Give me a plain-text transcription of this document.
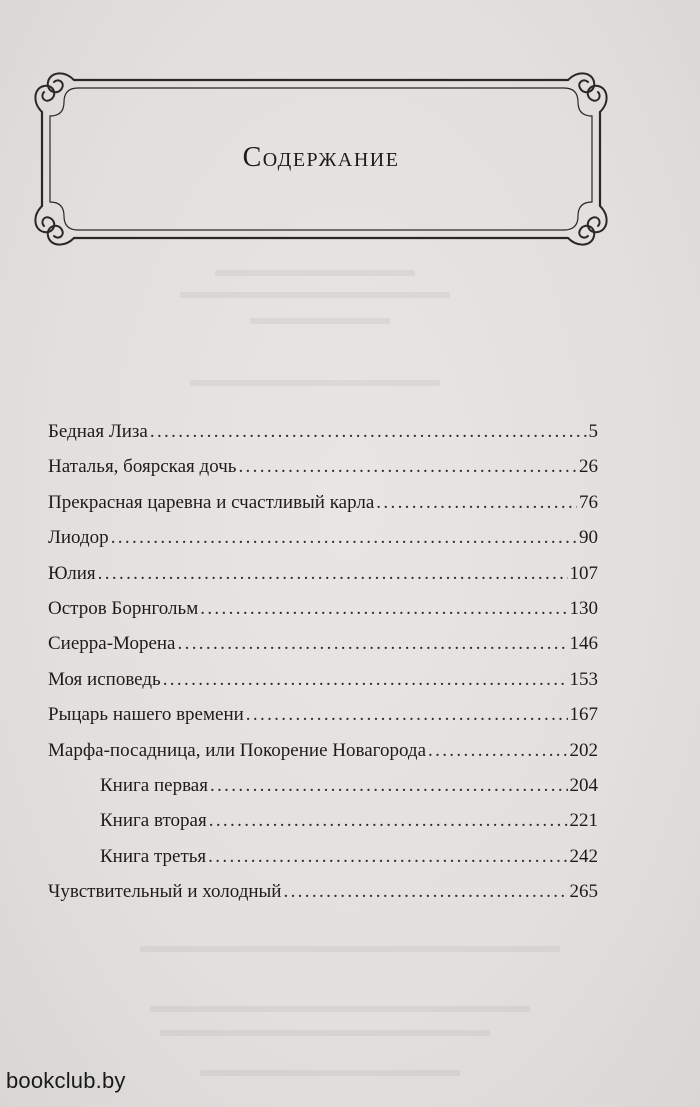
Содержание
Бедная Лиза . . .	5
Наталья, боярская дочь . . .	26
Прекрасная царевна и счастливый карла . . .	76
Лиодор . . .	90
Юлия . . .	107
Остров Борнгольм . . .	130
Сиерра-Морена . . .	146
Моя исповедь . . .	153
Рыцарь нашего времени . . .	167
Марфа-посадница, или Покорение Новагорода . . .	202
Книга первая . . .	204
Книга вторая . . .	221
Книга третья . . .	242
Чувствительный и холодный . . .	265
bookclub.by
